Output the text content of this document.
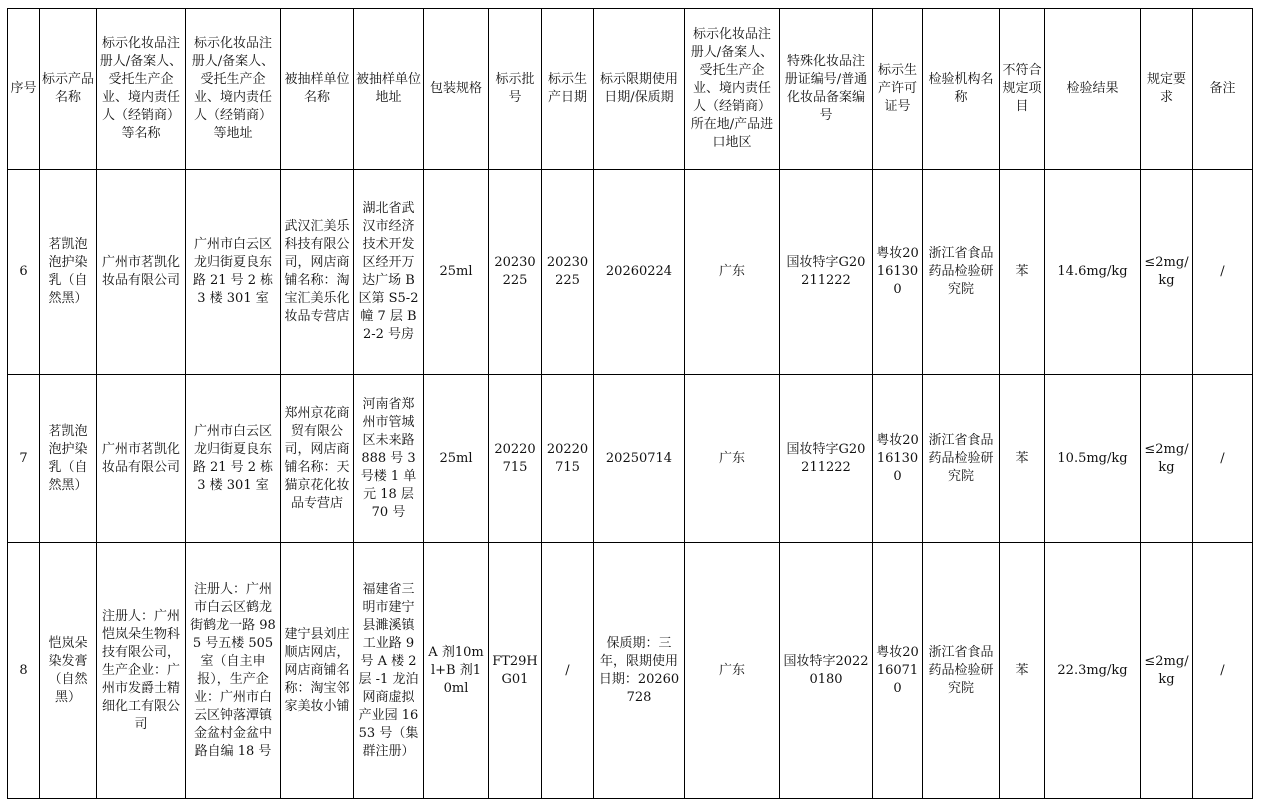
序号	标示产品名称	标示化妆品注册人/备案人、受托生产企业、境内责任人（经销商）等名称	标示化妆品注册人/备案人、受托生产企业、境内责任人（经销商）等地址	被抽样单位名称	被抽样单位地址	包装规格	标示批号	标示生产日期	标示限期使用日期/保质期	标示化妆品注册人/备案人、受托生产企业、境内责任人（经销商）所在地/产品进口地区	特殊化妆品注册证编号/普通化妆品备案编号	标示生产许可证号	检验机构名称	不符合规定项目	检验结果	规定要求	备注
6	茗凯泡泡护染乳（自然黑）	广州市茗凯化妆品有限公司	广州市白云区龙归街夏良东路 21 号 2 栋 3 楼 301 室	武汉汇美乐科技有限公司，网店商铺名称：淘宝汇美乐化妆品专营店	湖北省武汉市经济技术开发区经开万达广场 B 区第 S5-2 幢 7 层 B2-2 号房	25ml	20230225	20230225	20260224	广东	国妆特字G20211222	粤妆20161300	浙江省食品药品检验研究院	苯	14.6mg/kg	≤2mg/kg	/
7	茗凯泡泡护染乳（自然黑）	广州市茗凯化妆品有限公司	广州市白云区龙归街夏良东路 21 号 2 栋 3 楼 301 室	郑州京花商贸有限公司，网店商铺名称：天猫京花化妆品专营店	河南省郑州市管城区未来路 888 号 3 号楼 1 单元 18 层 70 号	25ml	20220715	20220715	20250714	广东	国妆特字G20211222	粤妆20161300	浙江省食品药品检验研究院	苯	10.5mg/kg	≤2mg/kg	/
8	恺岚朵染发膏（自然黑）	注册人：广州恺岚朵生物科技有限公司，生产企业：广州市发爵士精细化工有限公司	注册人：广州市白云区鹤龙街鹤龙一路 985 号五楼 505 室（自主申报），生产企业：广州市白云区钟落潭镇金盆村金盆中路自编 18 号	建宁县刘庄顺店网店，网店商铺名称：淘宝邻家美妆小铺	福建省三明市建宁县濉溪镇工业路 9 号 A 楼 2 层 -1 龙泊网商虚拟产业园 1653 号（集群注册）	A 剂10ml+B 剂10ml	FT29HG01	/	保质期：三年，限期使用日期：20260728	广东	国妆特字20220180	粤妆20160710	浙江省食品药品检验研究院	苯	22.3mg/kg	≤2mg/kg	/
